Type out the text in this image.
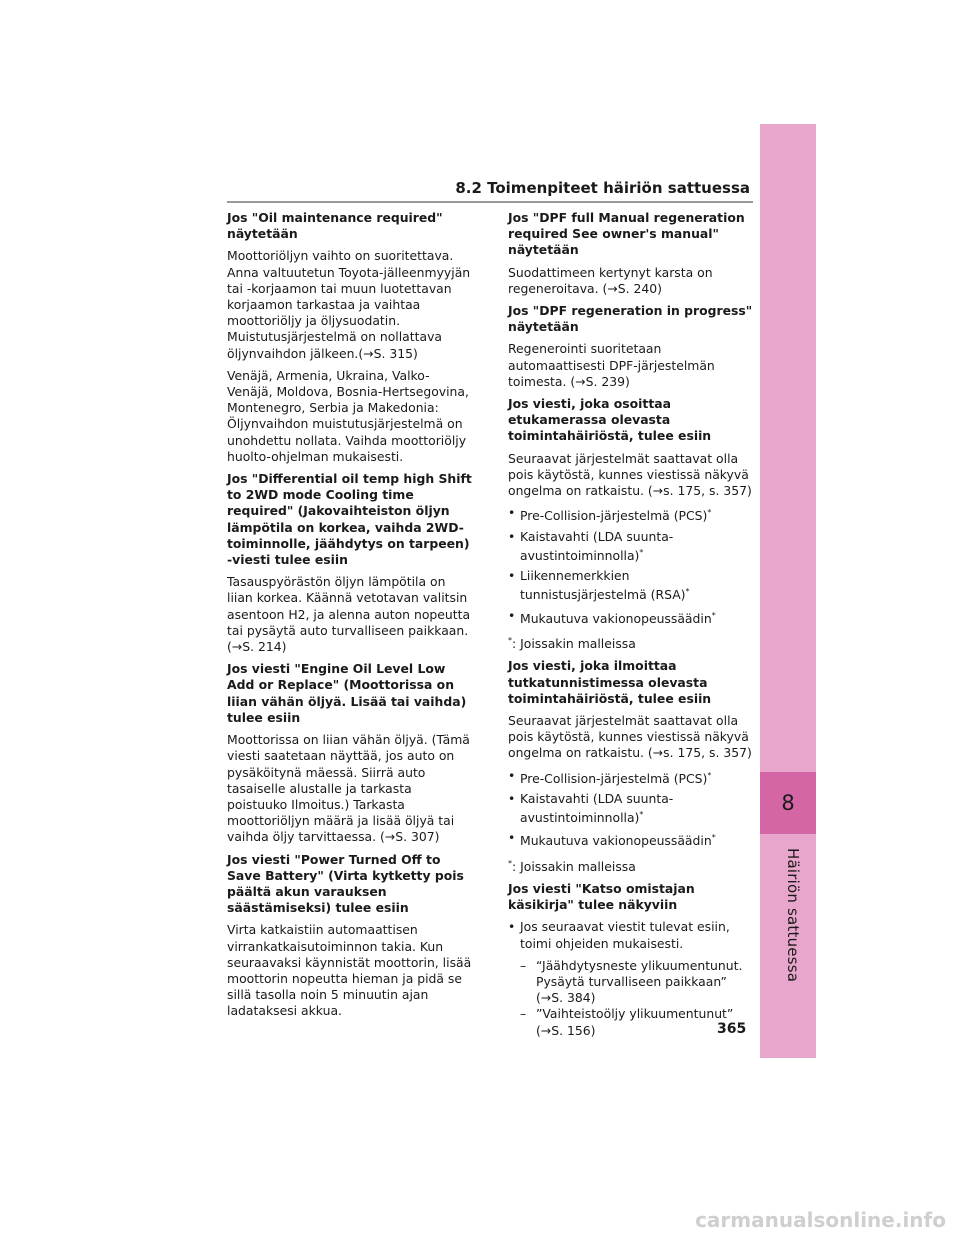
8
Häiriön sattuessa
8.2 Toimenpiteet häiriön sattuessa
Jos "Oil maintenance required" näytetään

Moottoriöljyn vaihto on suoritettava. Anna valtuutetun Toyota-jälleenmyyjän tai -korjaamon tai muun luotettavan korjaamon tarkastaa ja vaihtaa moottoriöljy ja öljysuodatin. Muistutusjärjestelmä on nollattava öljynvaihdon jälkeen.(→S. 315)

Venäjä, Armenia, Ukraina, Valko-Venäjä, Moldova, Bosnia-Hertsegovina, Montenegro, Serbia ja Makedonia: Öljynvaihdon muistutusjärjestelmä on unohdettu nollata. Vaihda moottoriöljy huolto-ohjelman mukaisesti.

Jos "Differential oil temp high Shift to 2WD mode Cooling time required" (Jakovaihteiston öljyn lämpötila on korkea, vaihda 2WD-toiminnolle, jäähdytys on tarpeen) -viesti tulee esiin

Tasauspyörästön öljyn lämpötila on liian korkea. Käännä vetotavan valitsin asentoon H2, ja alenna auton nopeutta tai pysäytä auto turvalliseen paikkaan. (→S. 214)

Jos viesti "Engine Oil Level Low Add or Replace" (Moottorissa on liian vähän öljyä. Lisää tai vaihda) tulee esiin

Moottorissa on liian vähän öljyä. (Tämä viesti saatetaan näyttää, jos auto on pysäköitynä mäessä. Siirrä auto tasaiselle alustalle ja tarkasta poistuuko Ilmoitus.) Tarkasta moottoriöljyn määrä ja lisää öljyä tai vaihda öljy tarvittaessa. (→S. 307)

Jos viesti "Power Turned Off to Save Battery" (Virta kytketty pois päältä akun varauksen säästämiseksi) tulee esiin

Virta katkaistiin automaattisen virrankatkaisutoiminnon takia. Kun seuraavaksi käynnistät moottorin, lisää moottorin nopeutta hieman ja pidä se sillä tasolla noin 5 minuutin ajan ladataksesi akkua.

Jos "DPF full Manual regeneration required See owner's manual" näytetään

Suodattimeen kertynyt karsta on regeneroitava. (→S. 240)

Jos "DPF regeneration in progress" näytetään

Regenerointi suoritetaan automaattisesti DPF-järjestelmän toimesta. (→S. 239)

Jos viesti, joka osoittaa etukamerassa olevasta toimintahäiriöstä, tulee esiin

Seuraavat järjestelmät saattavat olla pois käytöstä, kunnes viestissä näkyvä ongelma on ratkaistu. (→s. 175, s. 357)

• Pre-Collision-järjestelmä (PCS)*
• Kaistavahti (LDA suunta-avustintoiminnolla)*
• Liikennemerkkien tunnistusjärjestelmä (RSA)*
• Mukautuva vakionopeussäädin*

*: Joissakin malleissa

Jos viesti, joka ilmoittaa tutkatunnistimessa olevasta toimintahäiriöstä, tulee esiin

Seuraavat järjestelmät saattavat olla pois käytöstä, kunnes viestissä näkyvä ongelma on ratkaistu. (→s. 175, s. 357)

• Pre-Collision-järjestelmä (PCS)*
• Kaistavahti (LDA suunta-avustintoiminnolla)*
• Mukautuva vakionopeussäädin*

*: Joissakin malleissa

Jos viesti "Katso omistajan käsikirja" tulee näkyviin
• Jos seuraavat viestit tulevat esiin, toimi ohjeiden mukaisesti.
– “Jäähdytysneste ylikuumentunut. Pysäytä turvalliseen paikkaan” (→S. 384)
– ”Vaihteistoöljy ylikuumentunut” (→S. 156)	365
carmanualsonline.info
